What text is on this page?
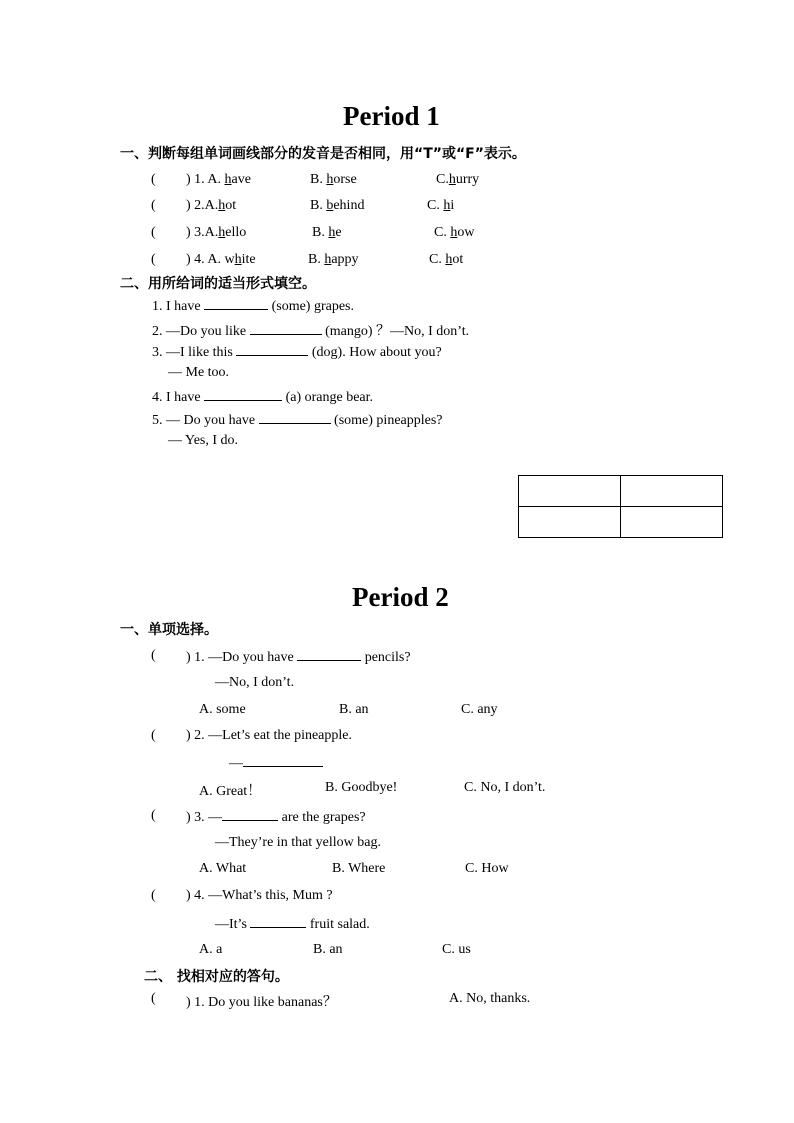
Period 1
一、判断每组单词画线部分的发音是否相同，用“T”或“F”表示。
( ) 1. A. have	B. horse	C.hurry
( ) 2.A.hot	B. behind	C. hi
( ) 3.A.hello	B. he	C. how
( ) 4. A. white	B. happy	C. hot
二、用所给词的适当形式填空。
1. I have	(some) grapes.
2. —Do you like	(mango) ？—No, I don’t.
3. —I like this	(dog). How about you?
— Me too.
4. I have	(a) orange bear.
5. — Do you have	(some) pineapples?
— Yes, I do.

Period 2
一、单项选择。
( ) 1. —Do you have	pencils?
—No, I don’t.
A. some	B. an	C. any
( ) 2. —Let’s eat the pineapple.
—
A. Great！	B. Goodbye!	C. No, I don’t.
( ) 3. —	are the grapes?
—They’re in that yellow bag.
A. What	B. Where	C. How
( ) 4. —What’s this, Mum ?
—It’s	fruit salad.
A. a	B. an	C. us
二、 找相对应的答句。
( ) 1. Do you like bananas？	A. No, thanks.
